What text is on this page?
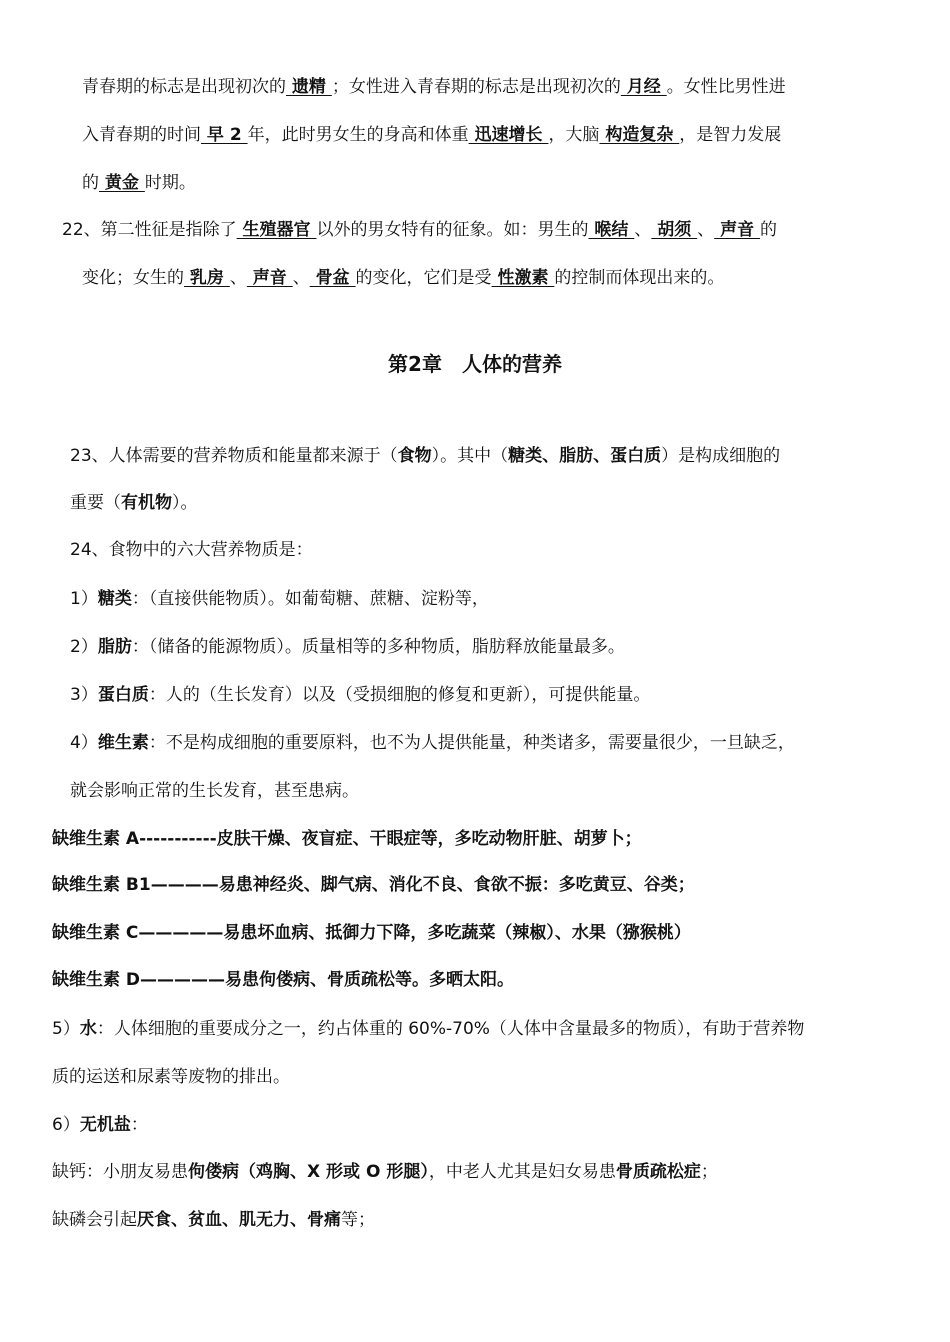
青春期的标志是出现初次的 遗精 ；女性进入青春期的标志是出现初次的 月经 。女性比男性进
入青春期的时间 早 2 年，此时男女生的身高和体重 迅速增长 ，大脑 构造复杂 ，是智力发展
的 黄金 时期。
22、第二性征是指除了 生殖器官 以外的男女特有的征象。如：男生的 喉结 、 胡须 、 声音 的
变化；女生的 乳房 、 声音 、 骨盆 的变化，它们是受 性激素 的控制而体现出来的。
第2章　人体的营养
23、人体需要的营养物质和能量都来源于（食物）。其中（糖类、脂肪、蛋白质）是构成细胞的
重要（有机物）。
24、食物中的六大营养物质是：
1）糖类：（直接供能物质）。如葡萄糖、蔗糖、淀粉等，
2）脂肪：（储备的能源物质）。质量相等的多种物质，脂肪释放能量最多。
3）蛋白质：人的（生长发育）以及（受损细胞的修复和更新），可提供能量。
4）维生素：不是构成细胞的重要原料，也不为人提供能量，种类诸多，需要量很少，一旦缺乏，
就会影响正常的生长发育，甚至患病。
缺维生素 A-----------皮肤干燥、夜盲症、干眼症等，多吃动物肝脏、胡萝卜；
缺维生素 B1————易患神经炎、脚气病、消化不良、食欲不振：多吃黄豆、谷类；
缺维生素 C—————易患坏血病、抵御力下降，多吃蔬菜（辣椒）、水果（猕猴桃）
缺维生素 D—————易患佝偻病、骨质疏松等。多晒太阳。
5）水：人体细胞的重要成分之一，约占体重的 60%-70%（人体中含量最多的物质），有助于营养物
质的运送和尿素等废物的排出。
6）无机盐：
缺钙：小朋友易患佝偻病（鸡胸、X 形或 O 形腿），中老人尤其是妇女易患骨质疏松症；
缺磷会引起厌食、贫血、肌无力、骨痛等；
